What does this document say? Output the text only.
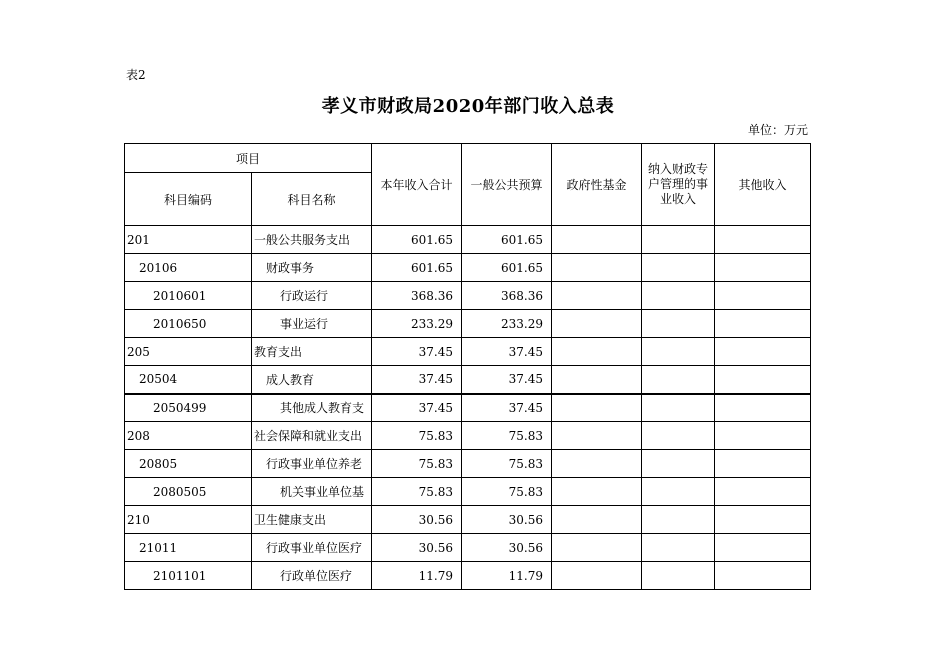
表2
孝义市财政局2020年部门收入总表
单位：万元
项目		本年收入合计	一般公共预算	政府性基金	纳入财政专户管理的事业收入	其他收入
科目编码	科目名称					
201	一般公共服务支出	601.65	601.65			
20106	财政事务	601.65	601.65			
2010601	行政运行	368.36	368.36			
2010650	事业运行	233.29	233.29			
205	教育支出	37.45	37.45			
20504	成人教育	37.45	37.45			
2050499	其他成人教育支	37.45	37.45			
208	社会保障和就业支出	75.83	75.83			
20805	行政事业单位养老	75.83	75.83			
2080505	机关事业单位基	75.83	75.83			
210	卫生健康支出	30.56	30.56			
21011	行政事业单位医疗	30.56	30.56			
2101101	行政单位医疗	11.79	11.79			
